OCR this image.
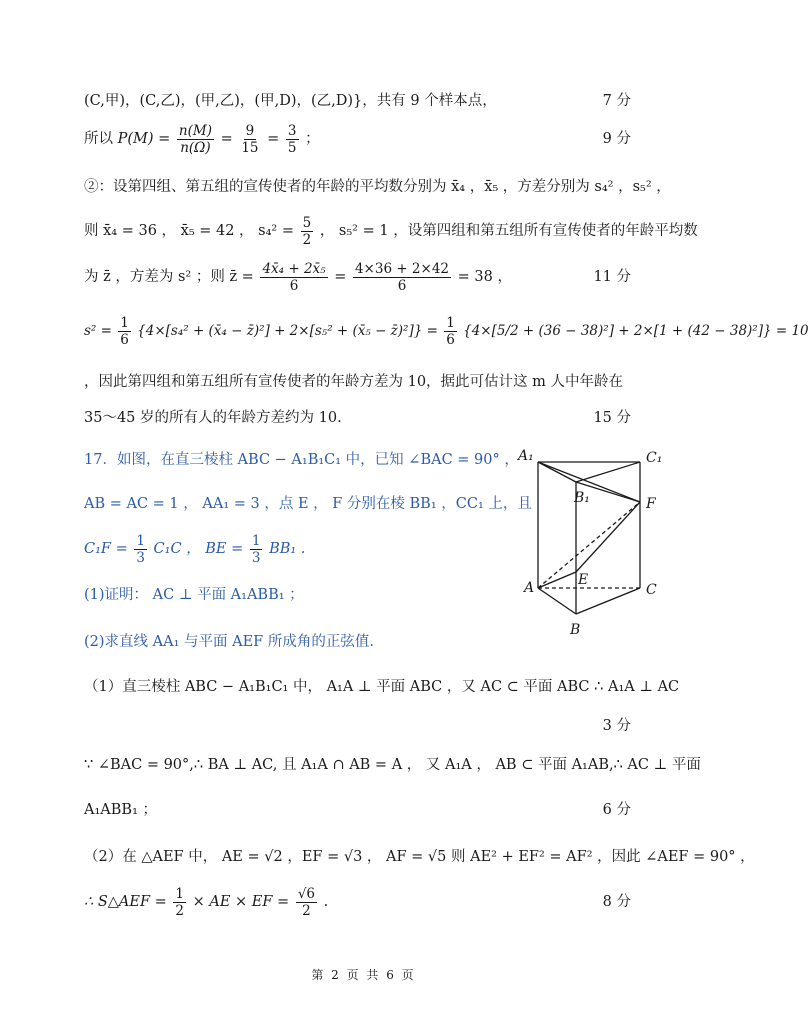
(C,甲)，(C,乙)，(甲,乙)，(甲,D)，(乙,D)}，共有 9 个样本点，	7 分
所以 $P(M) = \frac{n(M)}{n(\Omega)} = \frac{9}{15} = \frac{3}{5}$ ；	9 分
②：设第四组、第五组的宣传使者的年龄的平均数分别为 x̄₄ ，x̄₅ ，方差分别为 s₄² ，s₅² ，
则 x̄₄ = 36 ， x̄₅ = 42 ， $s_4^2 = \frac{5}{2}$ ， s₅² = 1 ，设第四组和第五组所有宣传使者的年龄平均数
为 z̄ ，方差为 s² ；则 z̄ = $\frac{\text{4x̄₄ + 2x̄₅}}{6} = \frac{4\times 36 + 2\times 42}{6} = 38$ ，	11 分
$s^2 = \frac{1}{6} \{4\times[s_4^2$ + (x̄₄ − z̄)²] + 2×[s₅² + (x̄₅ − z̄)²]} = $\frac{1}{6} \{4\times[5/2 + (36 - 38)^2] + 2\times[1 + (42 - 38)^2]\} = 10$
，因此第四组和第五组所有宣传使者的年龄方差为 10，据此可估计这 m 人中年龄在
35～45 岁的所有人的年龄方差约为 10.	15 分
17．如图，在直三棱柱 ABC − A₁B₁C₁ 中，已知 ∠BAC = 90° ，
AB = AC = 1 ， AA₁ = 3 ，点 E ， F 分别在棱 BB₁ ，CC₁ 上，且
$C_1F = \frac{1}{3} C_1C$ ， BE = $\frac{1}{3} BB_1$ .
(1)证明： AC ⊥ 平面 A₁ABB₁ ；
(2)求直线 AA₁ 与平面 AEF 所成角的正弦值.
A₁	C₁
B₁	F
A	E
C
B
（1）直三棱柱 ABC − A₁B₁C₁ 中， A₁A ⊥ 平面 ABC ，又 AC ⊂ 平面 ABC ∴ A₁A ⊥ AC
3 分
∵ ∠BAC = 90°,∴ BA ⊥ AC, 且 A₁A ∩ AB = A ， 又 A₁A ， AB ⊂ 平面 A₁AB,∴ AC ⊥ 平面
A₁ABB₁ ；	6 分
（2）在 △AEF 中， AE = √2 ，EF = √3 ， AF = √5 则 AE² + EF² = AF² ，因此 ∠AEF = 90° ，
∴ S△AEF = $\frac{1}{2}$ × AE × EF = $\frac{√6}{2}$ .	8 分
第 2 页 共 6 页
